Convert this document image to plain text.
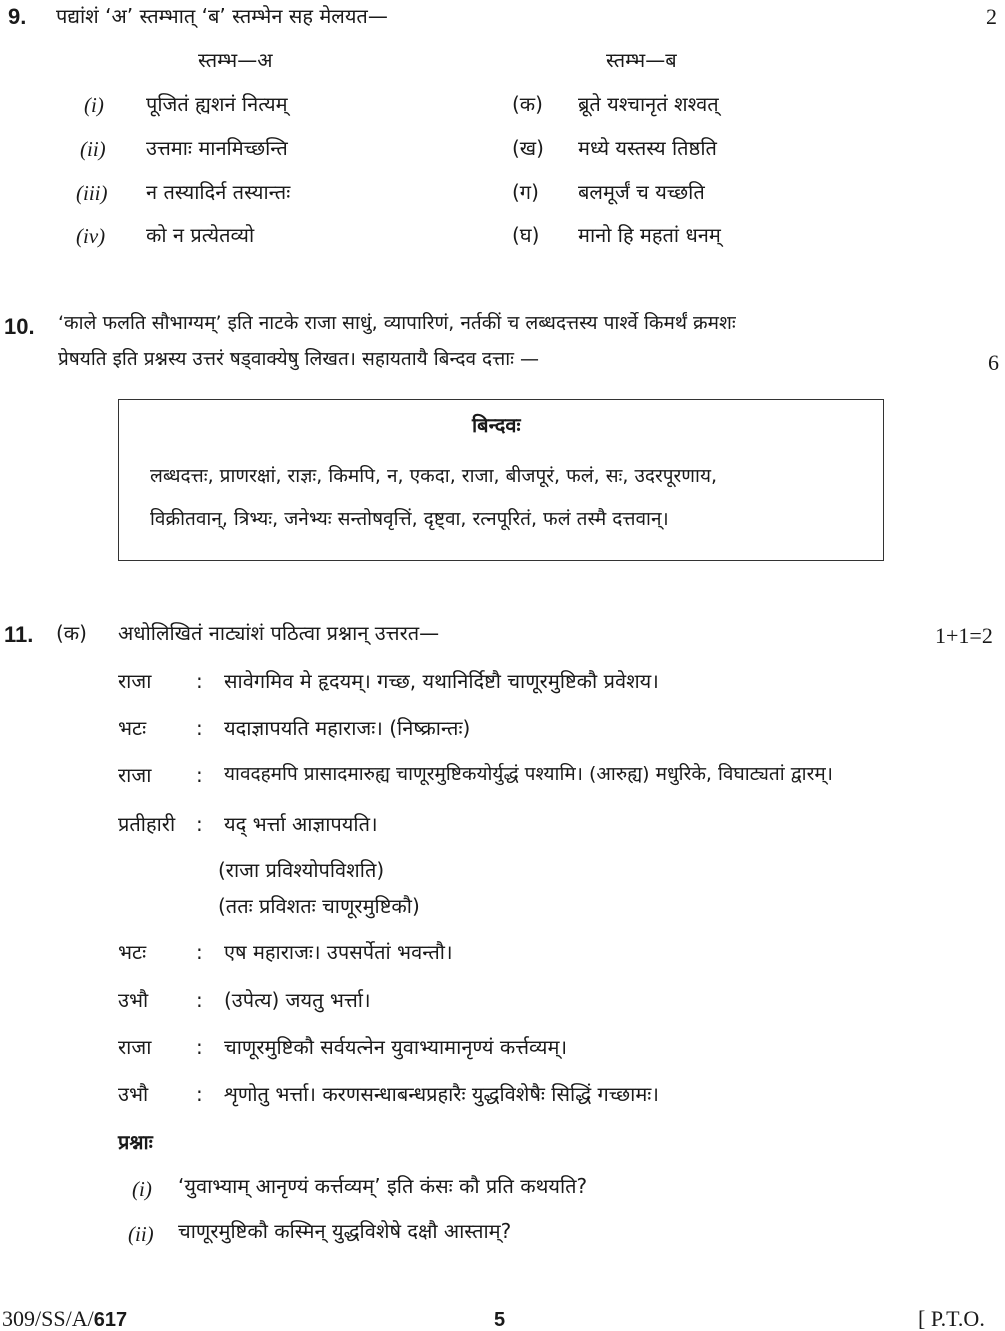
9. पद्यांशं ‘अ’ स्तम्भात् ‘ब’ स्तम्भेन सह मेलयत—	2
स्तम्भ—अ	स्तम्भ—ब
(i) पूजितं ह्यशनं नित्यम्	(क) ब्रूते यश्चानृतं शश्वत्
(ii) उत्तमाः मानमिच्छन्ति	(ख) मध्ये यस्तस्य तिष्ठति
(iii) न तस्यादिर्न तस्यान्तः	(ग) बलमूर्जं च यच्छति
(iv) को न प्रत्येतव्यो	(घ) मानो हि महतां धनम्
10. ‘काले फलति सौभाग्यम्’ इति नाटके राजा साधुं, व्यापारिणं, नर्तकीं च लब्धदत्तस्य पार्श्वे किमर्थं क्रमशः
प्रेषयति इति प्रश्नस्य उत्तरं षड्वाक्येषु लिखत। सहायतायै बिन्दव दत्ताः —	6
बिन्दवः
लब्धदत्तः, प्राणरक्षां, राज्ञः, किमपि, न, एकदा, राजा, बीजपूरं, फलं, सः, उदरपूरणाय,
विक्रीतवान्, त्रिभ्यः, जनेभ्यः सन्तोषवृत्तिं, दृष्ट्वा, रत्नपूरितं, फलं तस्मै दत्तवान्।
11. (क) अधोलिखितं नाट्यांशं पठित्वा प्रश्नान् उत्तरत—	1+1=2
राजा : सावेगमिव मे हृदयम्। गच्छ, यथानिर्दिष्टौ चाणूरमुष्टिकौ प्रवेशय।
भटः : यदाज्ञापयति महाराजः। (निष्क्रान्तः)
राजा : यावदहमपि प्रासादमारुह्य चाणूरमुष्टिकयोर्युद्धं पश्यामि। (आरुह्य) मधुरिके, विघाट्यतां द्वारम्।
प्रतीहारी : यद् भर्त्ता आज्ञापयति।
(राजा प्रविश्योपविशति)
(ततः प्रविशतः चाणूरमुष्टिकौ)
भटः : एष महाराजः। उपसर्पेतां भवन्तौ।
उभौ : (उपेत्य) जयतु भर्त्ता।
राजा : चाणूरमुष्टिकौ सर्वयत्नेन युवाभ्यामानृण्यं कर्त्तव्यम्।
उभौ : शृणोतु भर्त्ता। करणसन्धाबन्धप्रहारैः युद्धविशेषैः सिद्धिं गच्छामः।
प्रश्नाः
(i) ‘युवाभ्याम् आनृण्यं कर्त्तव्यम्’ इति कंसः कौ प्रति कथयति?
(ii) चाणूरमुष्टिकौ कस्मिन् युद्धविशेषे दक्षौ आस्ताम्?
309/SS/A/617	5	[ P.T.O.
